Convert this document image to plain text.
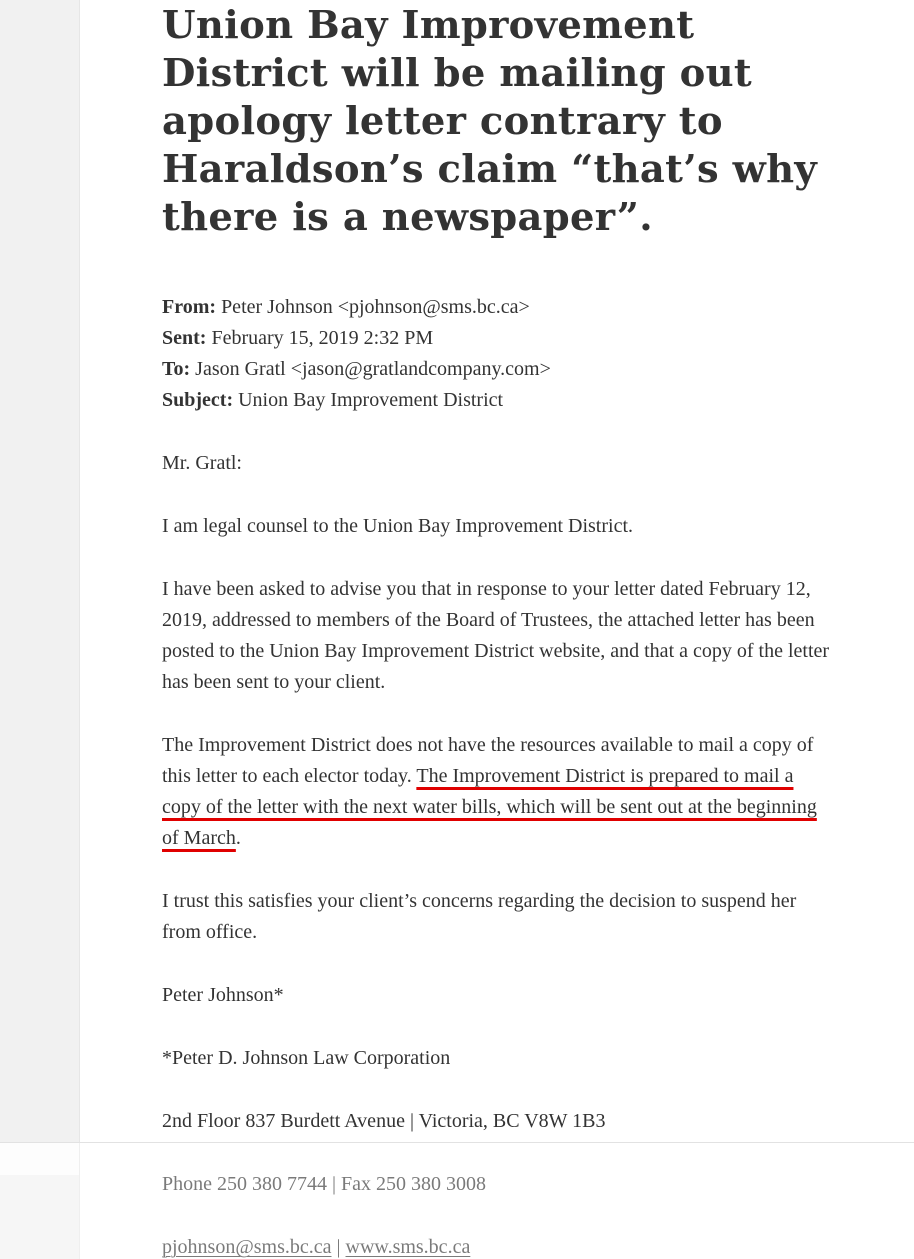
Union Bay Improvement District will be mailing out apology letter contrary to Haraldson’s claim “that’s why there is a newspaper”.
From: Peter Johnson <pjohnson@sms.bc.ca>
Sent: February 15, 2019 2:32 PM
To: Jason Gratl <jason@gratlandcompany.com>
Subject: Union Bay Improvement District

Mr. Gratl:

I am legal counsel to the Union Bay Improvement District.

I have been asked to advise you that in response to your letter dated February 12, 2019, addressed to members of the Board of Trustees, the attached letter has been posted to the Union Bay Improvement District website, and that a copy of the letter has been sent to your client.

The Improvement District does not have the resources available to mail a copy of this letter to each elector today. The Improvement District is prepared to mail a copy of the letter with the next water bills, which will be sent out at the beginning of March.

I trust this satisfies your client’s concerns regarding the decision to suspend her from office.

Peter Johnson*

*Peter D. Johnson Law Corporation

2nd Floor 837 Burdett Avenue | Victoria, BC V8W 1B3

Phone 250 380 7744 | Fax 250 380 3008

pjohnson@sms.bc.ca | www.sms.bc.ca
